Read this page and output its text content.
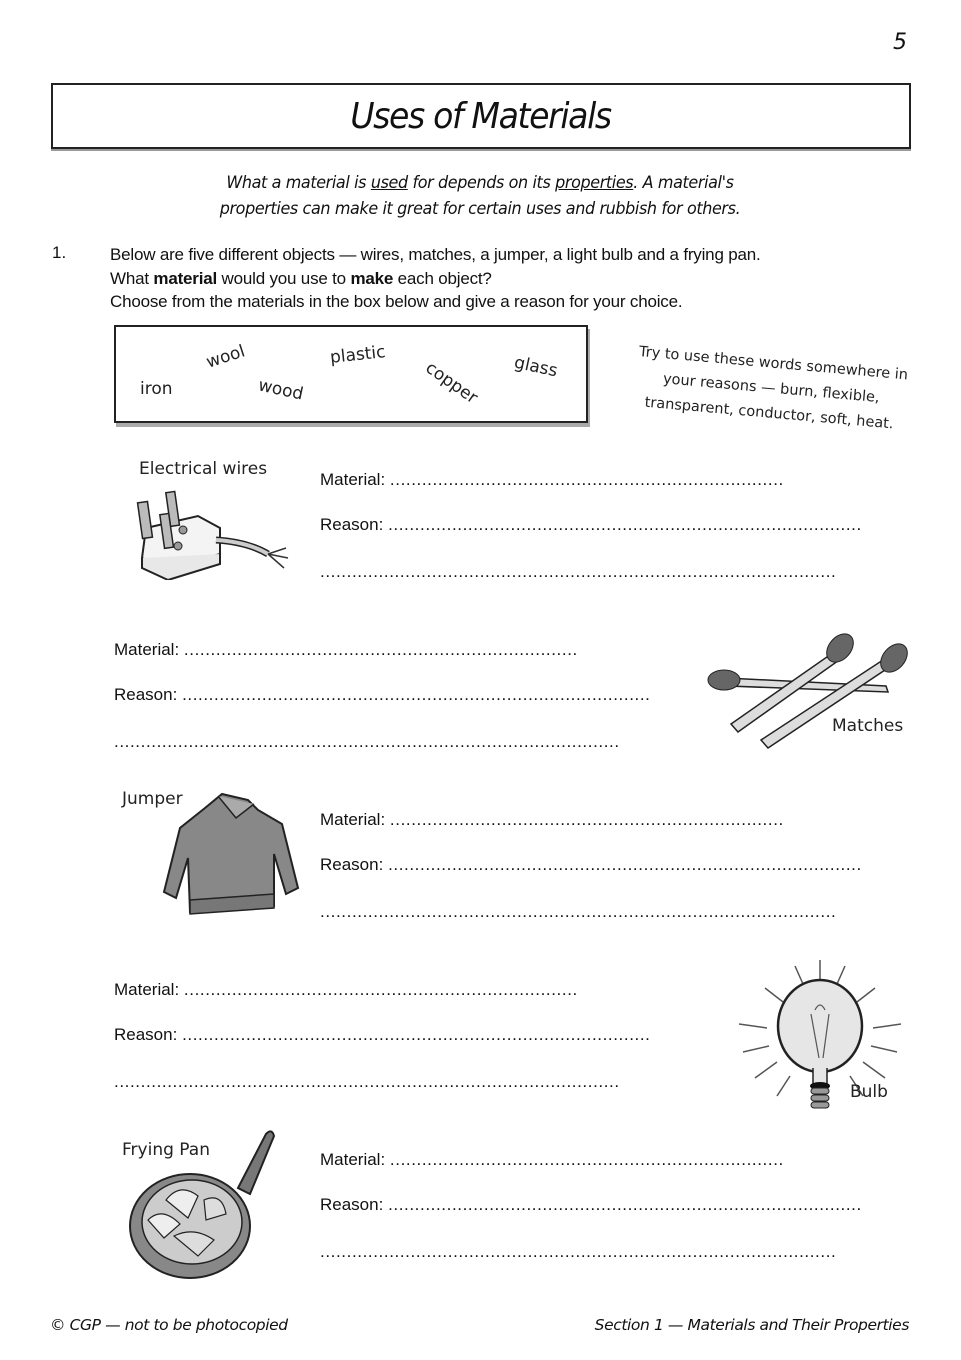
5
Uses of Materials
What a material is used for depends on its properties. A material's
properties can make it great for certain uses and rubbish for others.
1.	Below are five different objects — wires, matches, a jumper, a light bulb and a frying pan.
What material would you use to make each object?
Choose from the materials in the box below and give a reason for your choice.
wool	plastic
copper glass
iron	wood
Try to use these words somewhere in your reasons — burn, flexible, transparent, conductor, soft, heat.
Electrical wires
Material: ..........................................................................
Reason: .........................................................................................
.................................................................................................
Material: ..........................................................................
Reason: ........................................................................................
...............................................................................................
Matches
Jumper
Material: ..........................................................................
Reason: .........................................................................................
.................................................................................................
Material: ..........................................................................
Reason: ........................................................................................
...............................................................................................
Bulb
Frying Pan	Material: ..........................................................................
Reason: .........................................................................................
.................................................................................................
© CGP — not to be photocopied	Section 1 — Materials and Their Properties
